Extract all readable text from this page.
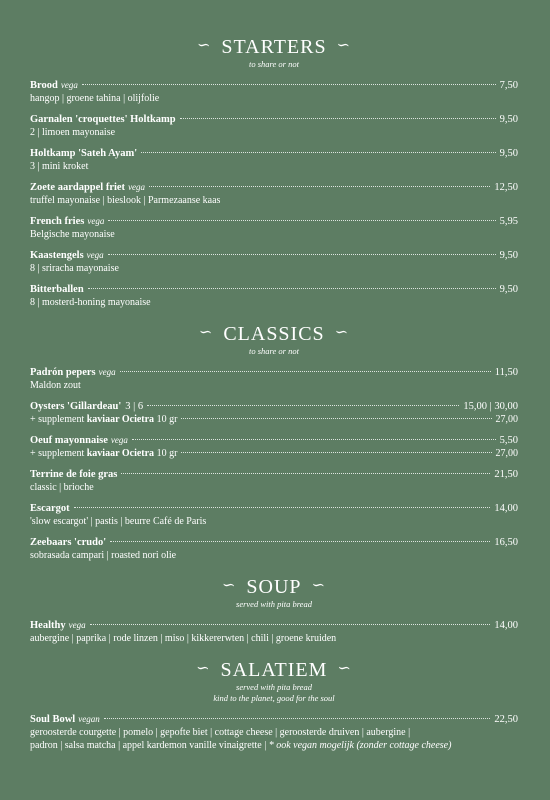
∽ STARTERS ∽
to share or not
Brood vega	7,50
hangop | groene tahina | olijfolie
Garnalen 'croquettes' Holtkamp	9,50
2 | limoen mayonaise
Holtkamp 'Sateh Ayam'	9,50
3 | mini kroket
Zoete aardappel friet vega	12,50
truffel mayonaise | bieslook | Parmezaanse kaas
French fries vega	5,95
Belgische mayonaise
Kaastengels vega	9,50
8 | sriracha mayonaise
Bitterballen	9,50
8 | mosterd-honing mayonaise
∽ CLASSICS ∽
to share or not
Padrón pepers vega	11,50
Maldon zout
Oysters 'Gillardeau' 3 | 6	15,00 | 30,00
+ supplement
kaviaar Ocietra
10 gr	27,00
Oeuf mayonnaise vega	5,50
+ supplement
kaviaar Ocietra
10 gr	27,00
Terrine de foie gras	21,50
classic | brioche
Escargot	14,00
'slow escargot' | pastis | beurre Café de Paris
Zeebaars 'crudo'	16,50
sobrasada campari | roasted nori olie
∽ SOUP ∽
served with pita bread
Healthy vega	14,00
aubergine | paprika | rode linzen | miso | kikkererwten | chili | groene kruiden
∽ SALATIEM ∽
served with pita bread
kind to the planet, good for the soul
Soul Bowl vegan	22,50
geroosterde courgette | pomelo | gepofte biet | cottage cheese | geroosterde druiven | aubergine |
padron | salsa matcha | appel kardemon vanille vinaigrette | * ook vegan mogelijk (zonder cottage cheese)
